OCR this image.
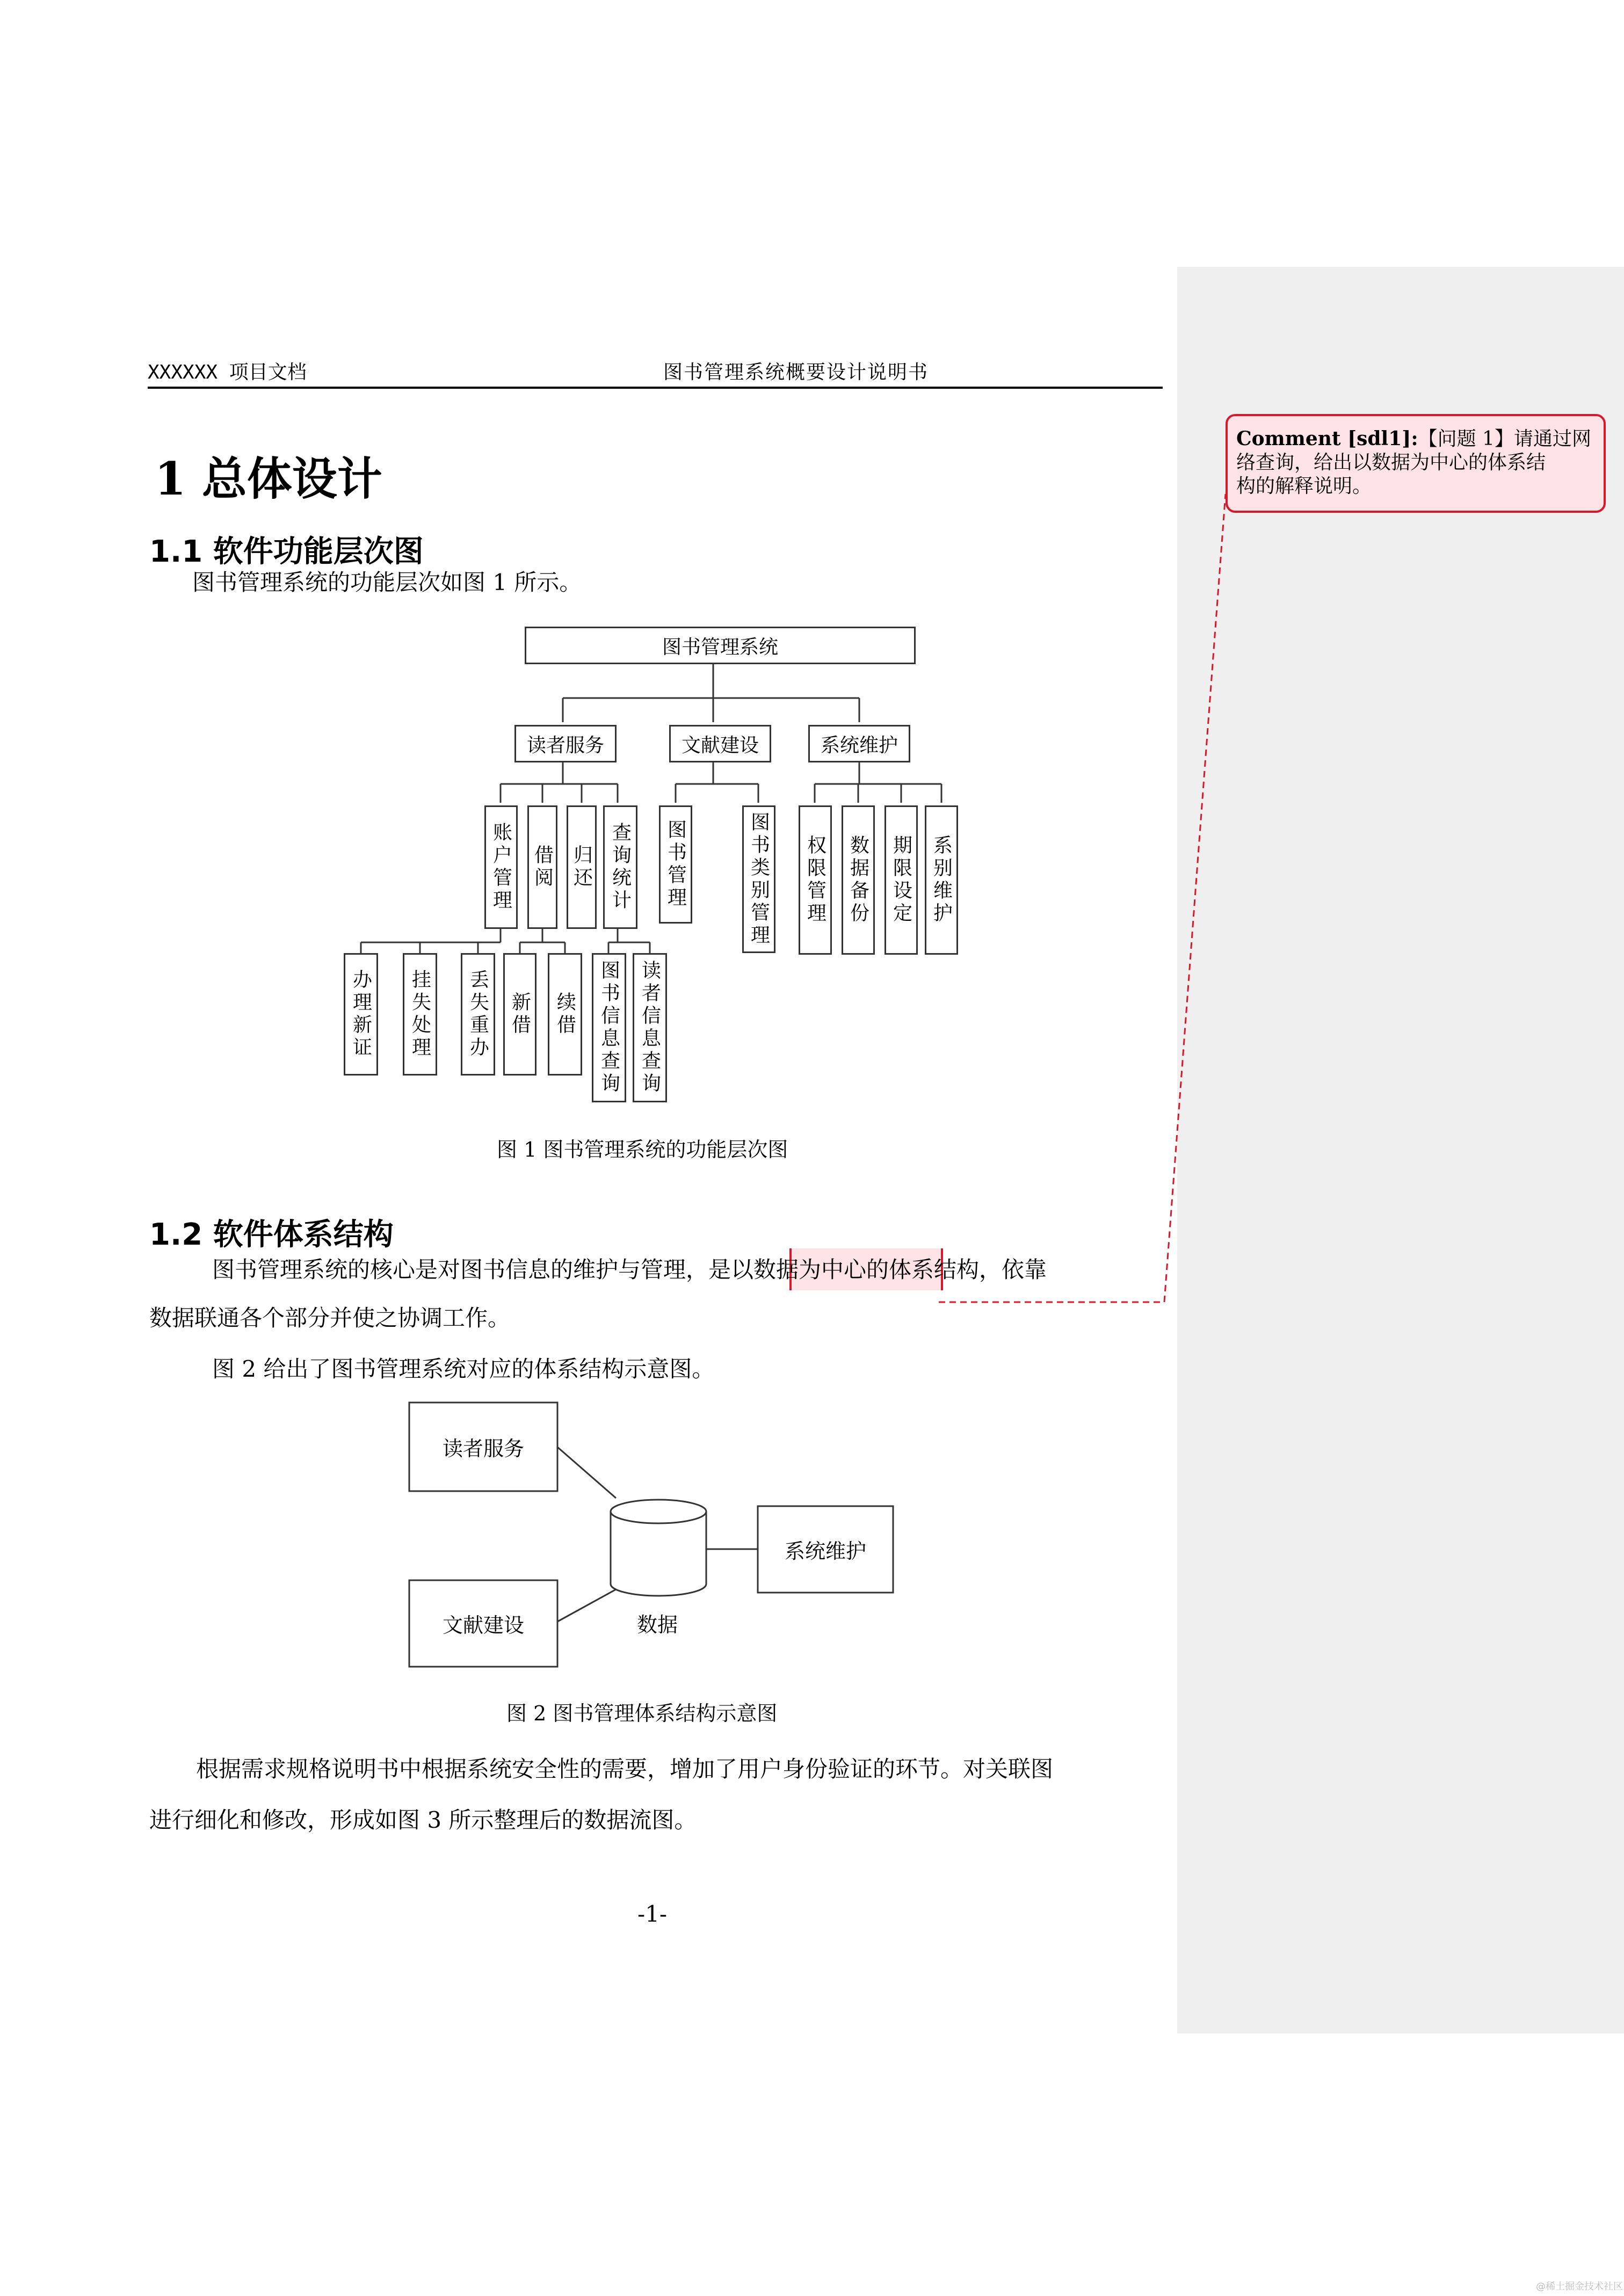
XXXXXX 项目文档	图书管理系统概要设计说明书
1 总体设计
1.1 软件功能层次图
图书管理系统的功能层次如图 1 所示。
图书管理系统
读者服务	文献建设	系统维护
账户管理 借阅 归还 查询统计	图书管理	图书类别管理 权限管理 数据备份 期限设定 系别维护
办理新证	挂失处理	丢失重办	新借	续借	图书信息查询 读者信息查询
图 1 图书管理系统的功能层次图
1.2 软件体系结构
图书管理系统的核心是对图书信息的维护与管理，是以数据为中心的体系结构，依靠
数据联通各个部分并使之协调工作。
图 2 给出了图书管理系统对应的体系结构示意图。
读者服务
文献建设
系统维护
数据
图 2 图书管理体系结构示意图
根据需求规格说明书中根据系统安全性的需要，增加了用户身份验证的环节。对关联图
进行细化和修改，形成如图 3 所示整理后的数据流图。
-1-
Comment [sdl1]:【问题 1】请通过网
络查询，给出以数据为中心的体系结
构的解释说明。
@稀土掘金技术社区
